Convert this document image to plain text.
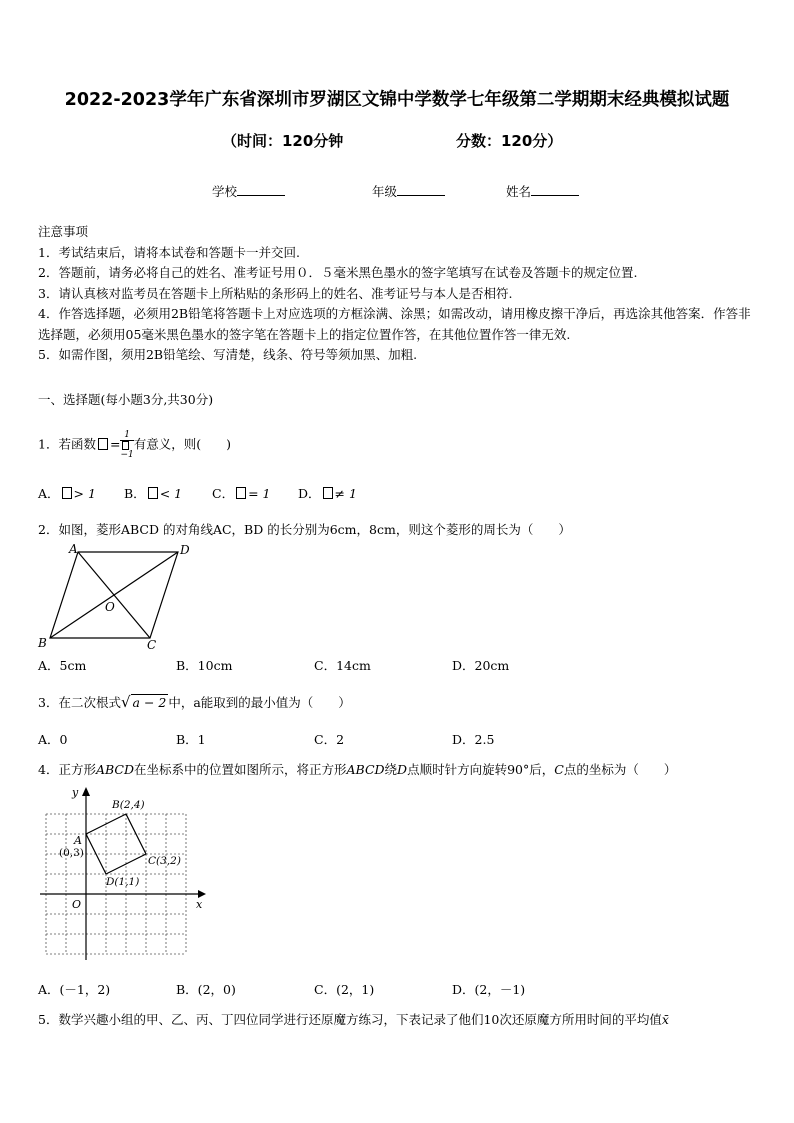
2022-2023学年广东省深圳市罗湖区文锦中学数学七年级第二学期期末经典模拟试题
（时间：120分钟	分数：120分）
学校	年级	姓名

注意事项

1．考试结束后，请将本试卷和答题卡一并交回.

2．答题前，请务必将自己的姓名、准考证号用０．５毫米黑色墨水的签字笔填写在试卷及答题卡的规定位置.

3．请认真核对监考员在答题卡上所粘贴的条形码上的姓名、准考证号与本人是否相符.

4．作答选择题，必须用2B铅笔将答题卡上对应选项的方框涂满、涂黑；如需改动，请用橡皮擦干净后，再选涂其他答案．作答非选择题，必须用05毫米黑色墨水的签字笔在答题卡上的指定位置作答，在其他位置作答一律无效.

5．如需作图，须用2B铅笔绘、写清楚，线条、符号等须加黑、加粗.

一、选择题(每小题3分,共30分)
1．若函数 = $\frac{1}{-1}$ 有意义，则(　　)
A． > 1 B． < 1 C． = 1 D． ≠ 1
2．如图，菱形ABCD 的对角线AC，BD 的长分别为6cm，8cm，则这个菱形的周长为（　　）
A	D
B	C
O
A．5cm	B．10cm	C．14cm	D．20cm
3．在二次根式√ a − 2 中，a能取到的最小值为（　　）
A．0	B．1	C．2	D．2.5
4．正方形ABCD在坐标系中的位置如图所示，将正方形ABCD绕D点顺时针方向旋转90°后，C点的坐标为（　　）
y
x
O
A
(0,3)
B(2,4)
C(3,2)
D(1,1)
A．(－1，2)	B．(2，0)	C．(2，1)	D．(2，－1)
5．数学兴趣小组的甲、乙、丙、丁四位同学进行还原魔方练习，下表记录了他们10次还原魔方所用时间的平均值x̄
